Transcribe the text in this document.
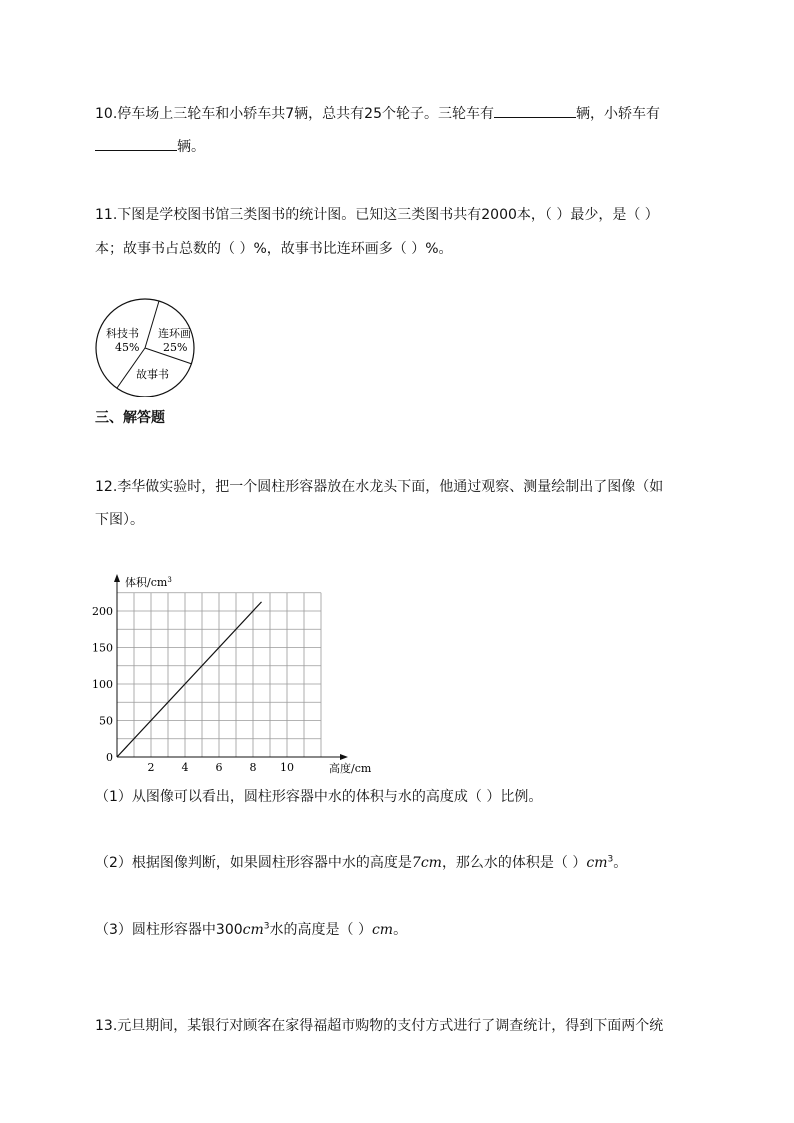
10.停车场上三轮车和小轿车共7辆，总共有25个轮子。三轮车有	辆，小轿车有
辆。
11.下图是学校图书馆三类图书的统计图。已知这三类图书共有2000本，（ ）最少，是（ ）
本；故事书占总数的（ ）%，故事书比连环画多（ ）%。
科技书
45%
连环画
25%
故事书
三、解答题
12.李华做实验时，把一个圆柱形容器放在水龙头下面，他通过观察、测量绘制出了图像（如
下图）。
2 4 6 8 10
0
50
100
150
200
体积$/cm^3$
高度/cm
（1）从图像可以看出，圆柱形容器中水的体积与水的高度成（ ）比例。
（2）根据图像判断，如果圆柱形容器中水的高度是7cm，那么水的体积是（ ）$cm^3$。
（3）圆柱形容器中$300cm^3$水的高度是（ ）cm。
13.元旦期间，某银行对顾客在家得福超市购物的支付方式进行了调查统计，得到下面两个统
